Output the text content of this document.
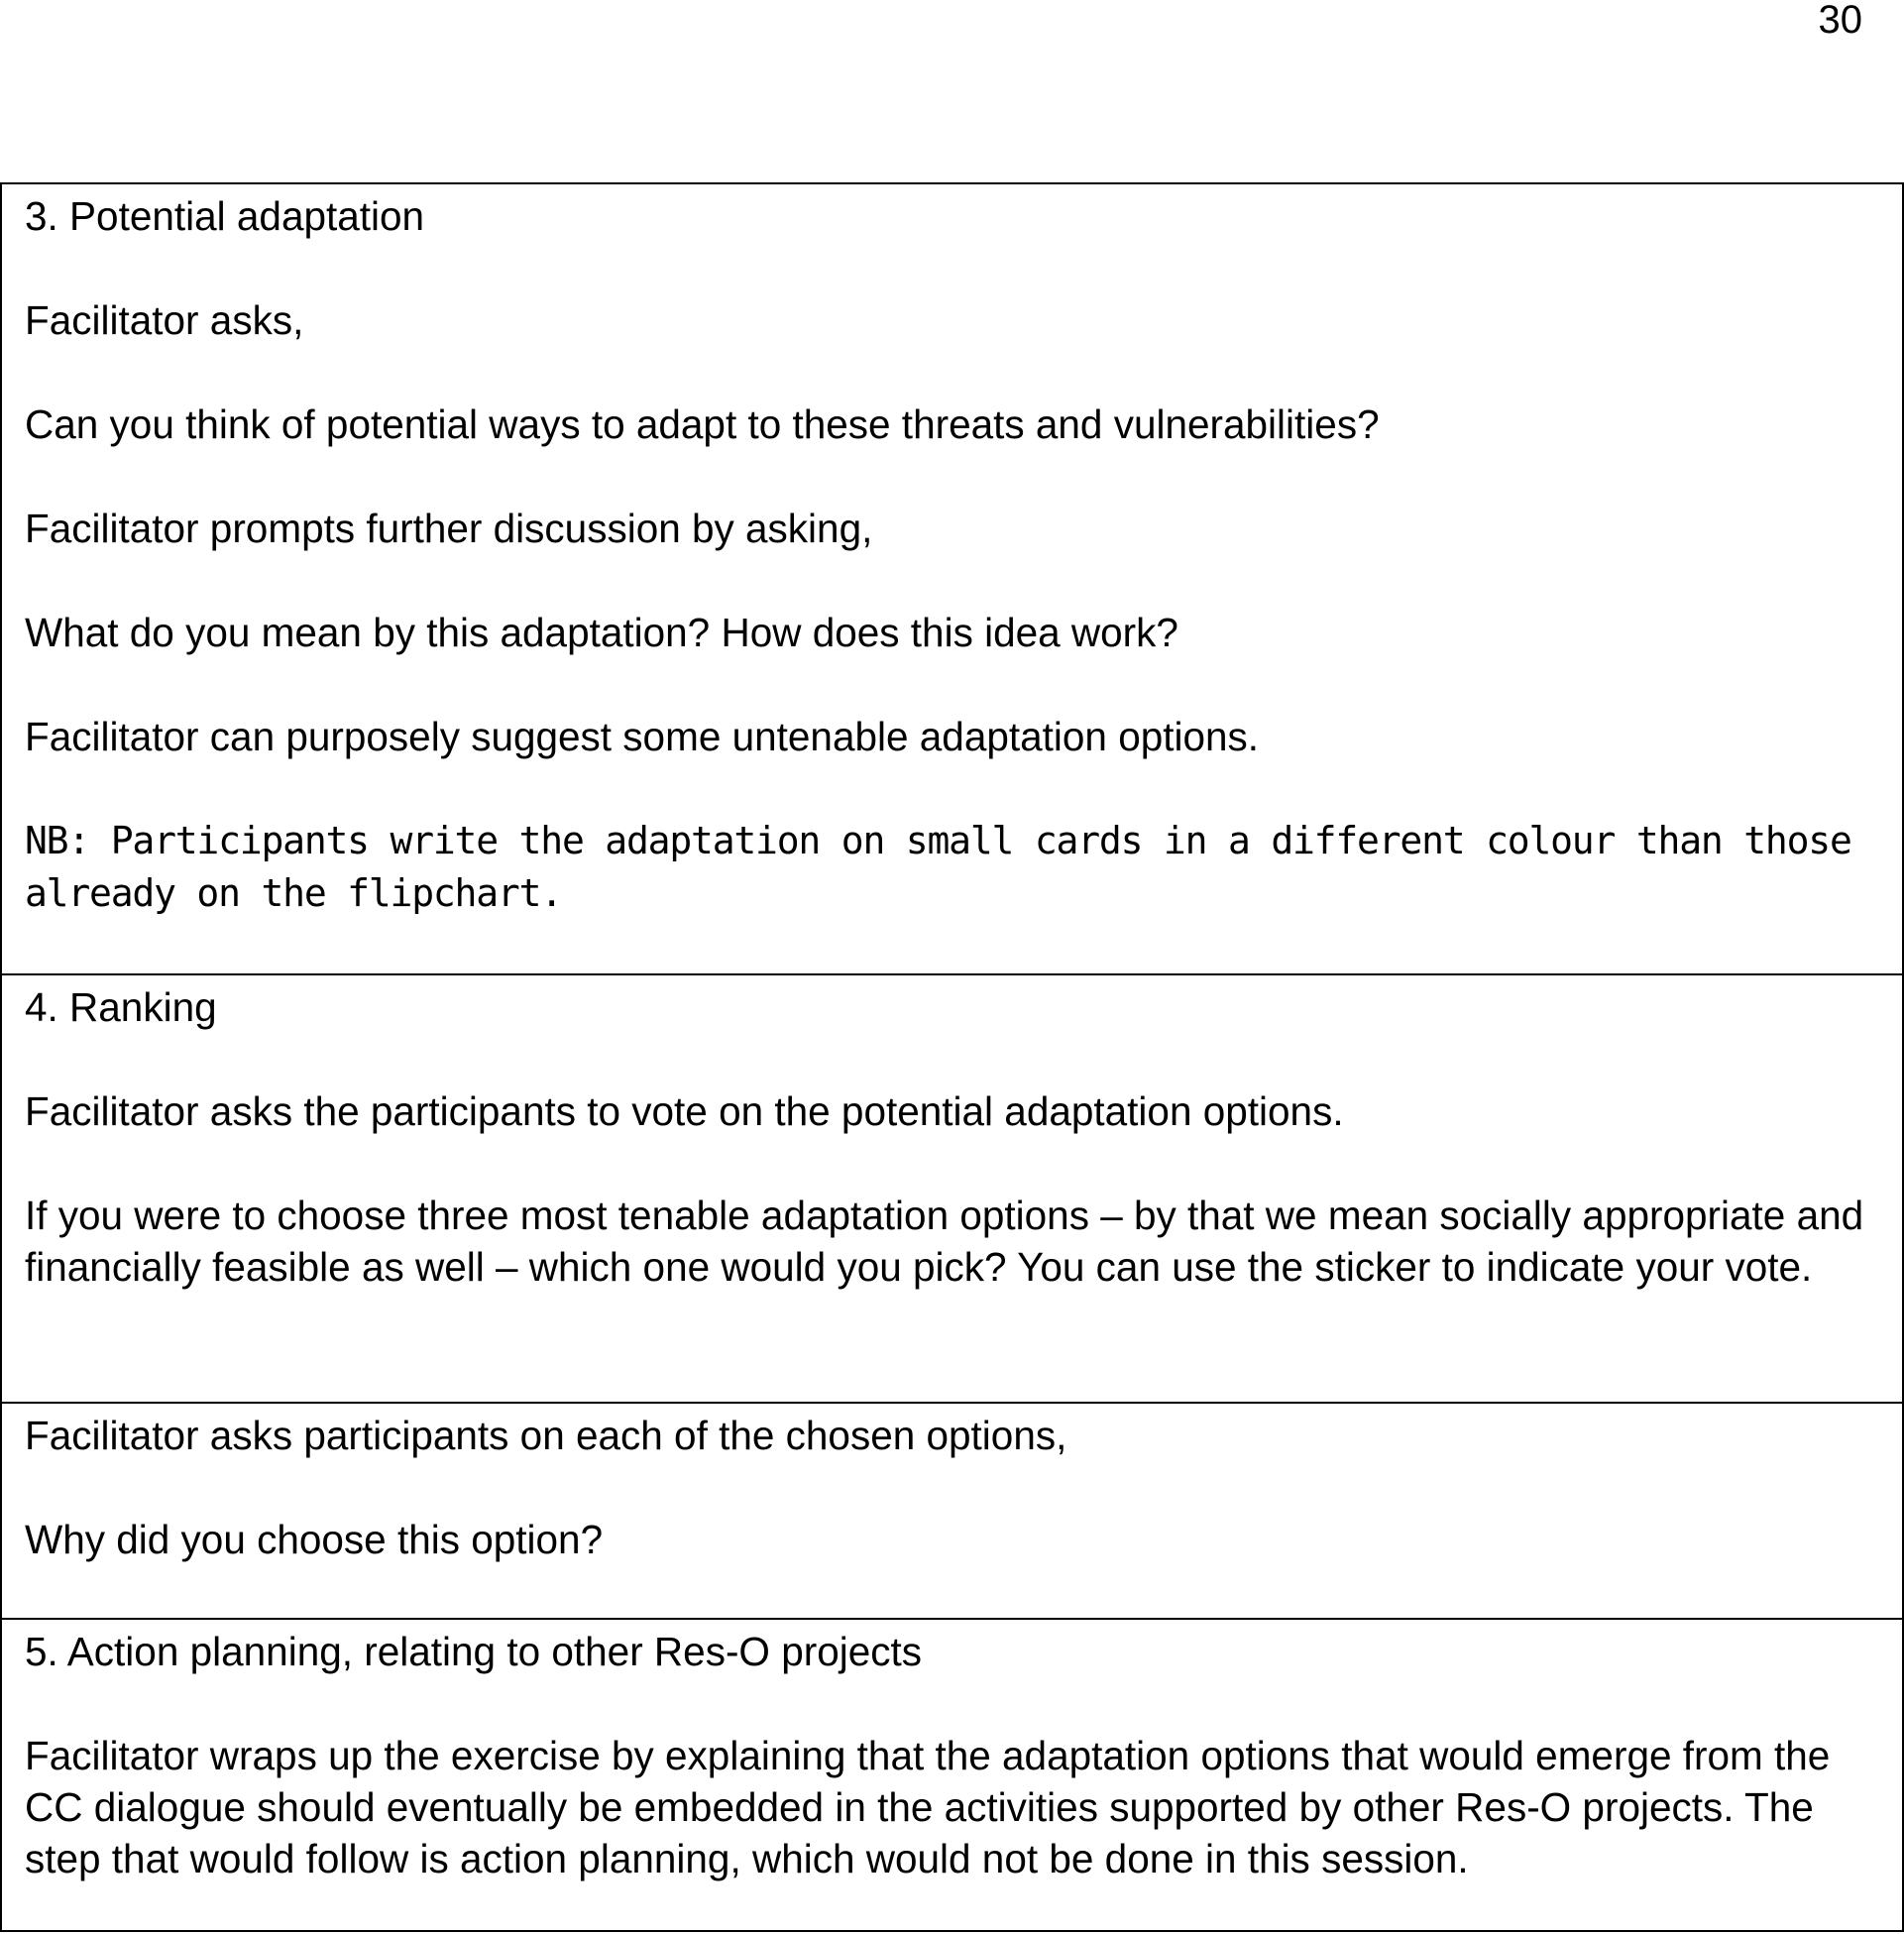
30

3. Potential adaptation

Facilitator asks,

Can you think of potential ways to adapt to these threats and vulnerabilities?

Facilitator prompts further discussion by asking,

What do you mean by this adaptation? How does this idea work?

Facilitator can purposely suggest some untenable adaptation options.

NB: Participants write the adaptation on small cards in a different colour than those already on the flipchart.

4. Ranking

Facilitator asks the participants to vote on the potential adaptation options.

If you were to choose three most tenable adaptation options – by that we mean socially appropriate and financially feasible as well – which one would you pick? You can use the sticker to indicate your vote.

Facilitator asks participants on each of the chosen options,

Why did you choose this option?

5. Action planning, relating to other Res-O projects

Facilitator wraps up the exercise by explaining that the adaptation options that would emerge from the CC dialogue should eventually be embedded in the activities supported by other Res-O projects. The step that would follow is action planning, which would not be done in this session.
